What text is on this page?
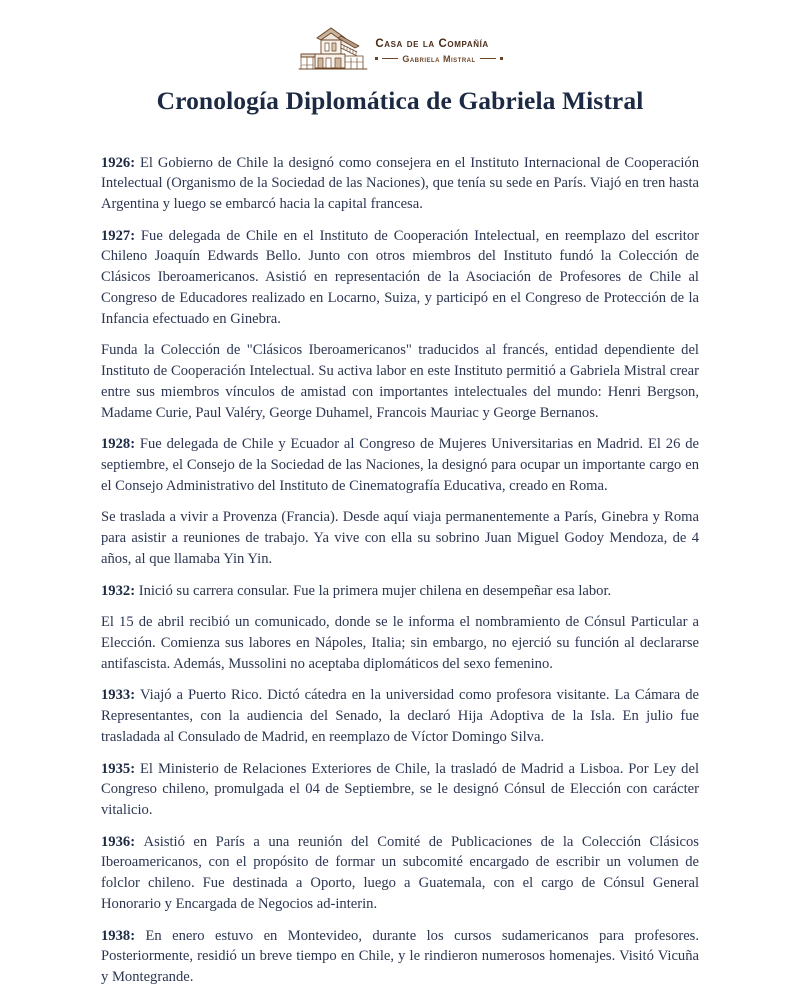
Casa de la Compañía
Gabriela Mistral
Cronología Diplomática de Gabriela Mistral

1926: El Gobierno de Chile la designó como consejera en el Instituto Internacional de Cooperación Intelectual (Organismo de la Sociedad de las Naciones), que tenía su sede en París. Viajó en tren hasta Argentina y luego se embarcó hacia la capital francesa.

1927: Fue delegada de Chile en el Instituto de Cooperación Intelectual, en reemplazo del escritor Chileno Joaquín Edwards Bello. Junto con otros miembros del Instituto fundó la Colección de Clásicos Iberoamericanos. Asistió en representación de la Asociación de Profesores de Chile al Congreso de Educadores realizado en Locarno, Suiza, y participó en el Congreso de Protección de la Infancia efectuado en Ginebra.

Funda la Colección de "Clásicos Iberoamericanos" traducidos al francés, entidad dependiente del Instituto de Cooperación Intelectual. Su activa labor en este Instituto permitió a Gabriela Mistral crear entre sus miembros vínculos de amistad con importantes intelectuales del mundo: Henri Bergson, Madame Curie, Paul Valéry, George Duhamel, Francois Mauriac y George Bernanos.

1928: Fue delegada de Chile y Ecuador al Congreso de Mujeres Universitarias en Madrid. El 26 de septiembre, el Consejo de la Sociedad de las Naciones, la designó para ocupar un importante cargo en el Consejo Administrativo del Instituto de Cinematografía Educativa, creado en Roma.

Se traslada a vivir a Provenza (Francia). Desde aquí viaja permanentemente a París, Ginebra y Roma para asistir a reuniones de trabajo. Ya vive con ella su sobrino Juan Miguel Godoy Mendoza, de 4 años, al que llamaba Yin Yin.

1932: Inició su carrera consular. Fue la primera mujer chilena en desempeñar esa labor.

El 15 de abril recibió un comunicado, donde se le informa el nombramiento de Cónsul Particular a Elección. Comienza sus labores en Nápoles, Italia; sin embargo, no ejerció su función al declararse antifascista. Además, Mussolini no aceptaba diplomáticos del sexo femenino.

1933: Viajó a Puerto Rico. Dictó cátedra en la universidad como profesora visitante. La Cámara de Representantes, con la audiencia del Senado, la declaró Hija Adoptiva de la Isla. En julio fue trasladada al Consulado de Madrid, en reemplazo de Víctor Domingo Silva.

1935: El Ministerio de Relaciones Exteriores de Chile, la trasladó de Madrid a Lisboa. Por Ley del Congreso chileno, promulgada el 04 de Septiembre, se le designó Cónsul de Elección con carácter vitalicio.

1936: Asistió en París a una reunión del Comité de Publicaciones de la Colección Clásicos Iberoamericanos, con el propósito de formar un subcomité encargado de escribir un volumen de folclor chileno. Fue destinada a Oporto, luego a Guatemala, con el cargo de Cónsul General Honorario y Encargada de Negocios ad-interin.

1938: En enero estuvo en Montevideo, durante los cursos sudamericanos para profesores. Posteriormente, residió un breve tiempo en Chile, y le rindieron numerosos homenajes. Visitó Vicuña y Montegrande.
